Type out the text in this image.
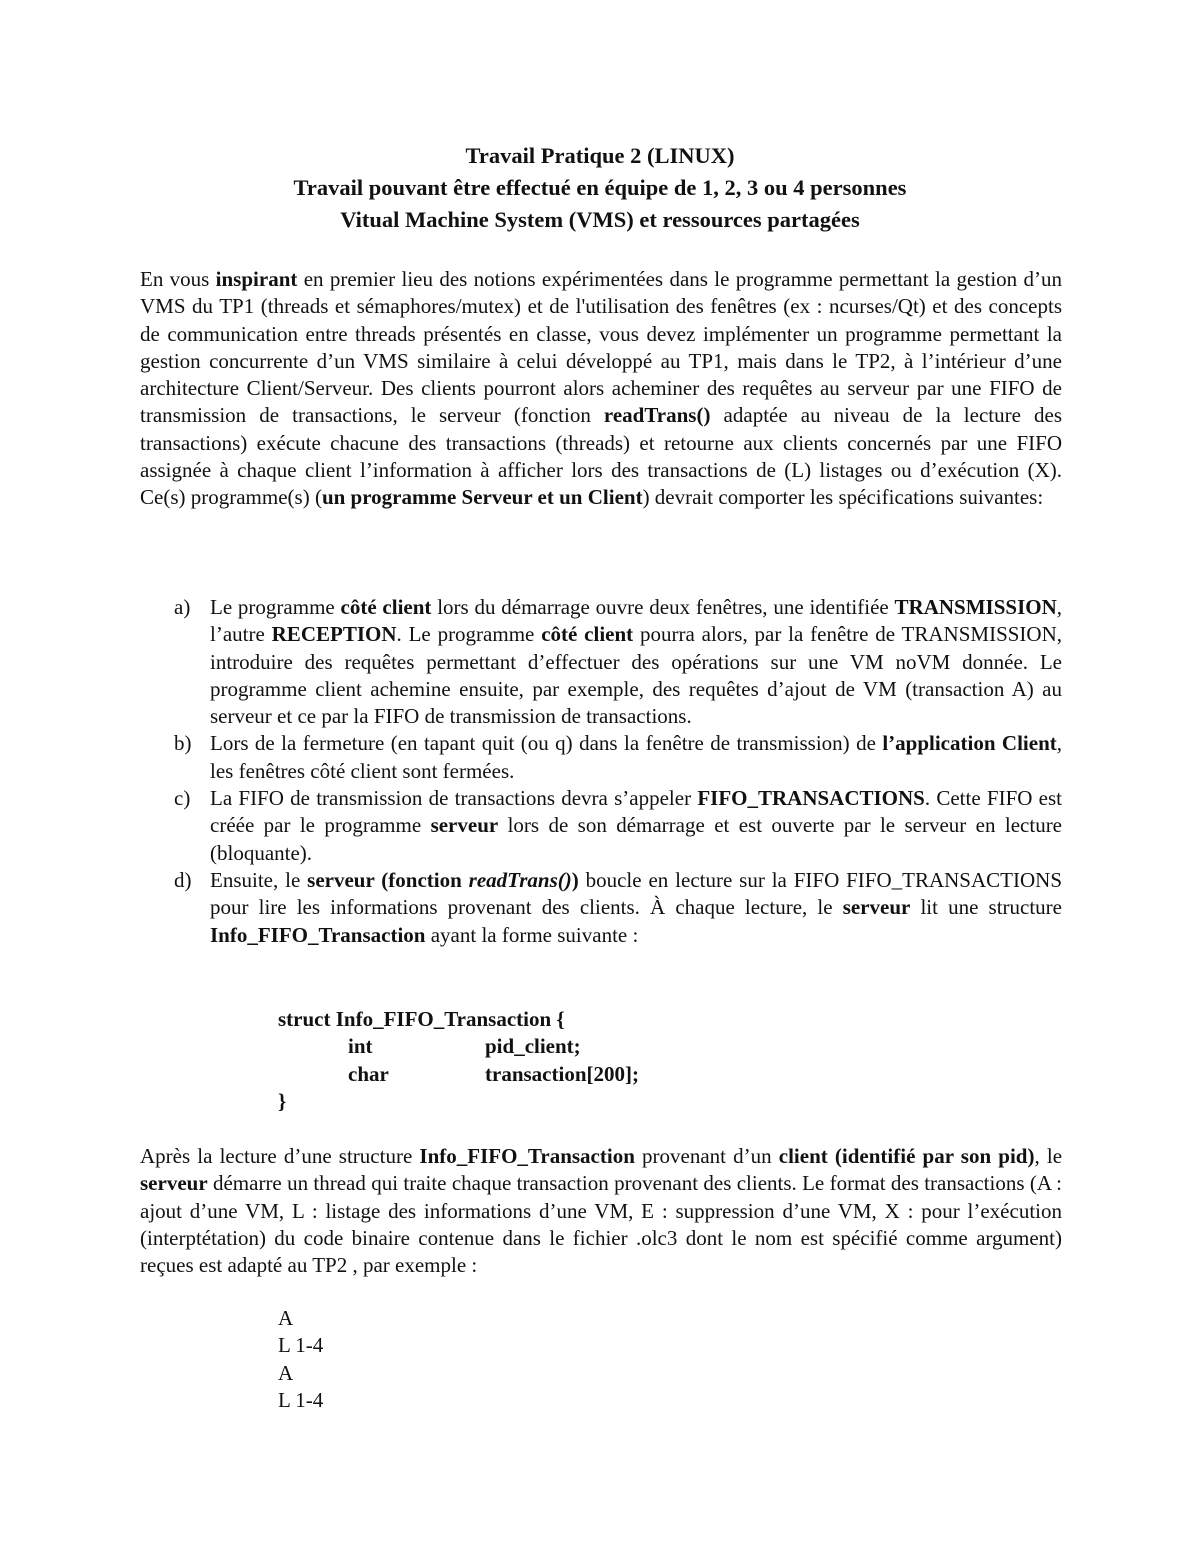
Travail Pratique 2 (LINUX)
Travail pouvant être effectué en équipe de 1, 2, 3 ou 4 personnes
Vitual Machine System (VMS) et ressources partagées
En vous inspirant en premier lieu des notions expérimentées dans le programme permettant la gestion d’un VMS du TP1 (threads et sémaphores/mutex) et de l'utilisation des fenêtres (ex : ncurses/Qt) et des concepts de communication entre threads présentés en classe, vous devez implémenter un programme permettant la gestion concurrente d’un VMS similaire à celui développé au TP1, mais dans le TP2, à l’intérieur d’une architecture Client/Serveur. Des clients pourront alors acheminer des requêtes au serveur par une FIFO de transmission de transactions, le serveur (fonction readTrans() adaptée au niveau de la lecture des transactions) exécute chacune des transactions (threads) et retourne aux clients concernés par une FIFO assignée à chaque client l’information à afficher lors des transactions de (L) listages ou d’exécution (X). Ce(s) programme(s) (un programme Serveur et un Client) devrait comporter les spécifications suivantes:
a) Le programme côté client lors du démarrage ouvre deux fenêtres, une identifiée TRANSMISSION, l’autre RECEPTION. Le programme côté client pourra alors, par la fenêtre de TRANSMISSION, introduire des requêtes permettant d’effectuer des opérations sur une VM noVM donnée. Le programme client achemine ensuite, par exemple, des requêtes d’ajout de VM (transaction A) au serveur et ce par la FIFO de transmission de transactions.
b) Lors de la fermeture (en tapant quit (ou q) dans la fenêtre de transmission) de l’application Client, les fenêtres côté client sont fermées.
c) La FIFO de transmission de transactions devra s’appeler FIFO_TRANSACTIONS. Cette FIFO est créée par le programme serveur lors de son démarrage et est ouverte par le serveur en lecture (bloquante).
d) Ensuite, le serveur (fonction readTrans()) boucle en lecture sur la FIFO FIFO_TRANSACTIONS pour lire les informations provenant des clients. À chaque lecture, le serveur lit une structure Info_FIFO_Transaction ayant la forme suivante :
struct Info_FIFO_Transaction {
int	pid_client;
char	transaction[200];
}
Après la lecture d’une structure Info_FIFO_Transaction provenant d’un client (identifié par son pid), le serveur démarre un thread qui traite chaque transaction provenant des clients. Le format des transactions (A : ajout d’une VM, L : listage des informations d’une VM, E : suppression d’une VM, X : pour l’exécution (interptétation) du code binaire contenue dans le fichier .olc3 dont le nom est spécifié comme argument) reçues est adapté au TP2 , par exemple :
A
L 1-4
A
L 1-4
